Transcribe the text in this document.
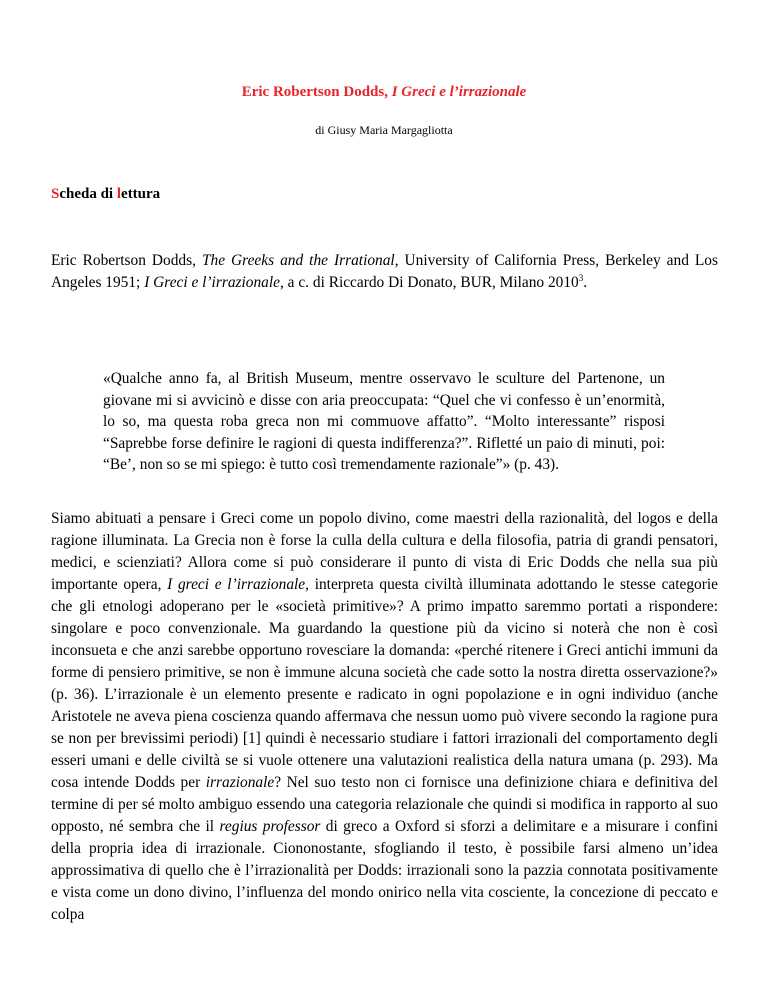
Eric Robertson Dodds, I Greci e l’irrazionale
di Giusy Maria Margagliotta
Scheda di lettura
Eric Robertson Dodds, The Greeks and the Irrational, University of California Press, Berkeley and Los Angeles 1951; I Greci e l’irrazionale, a c. di Riccardo Di Donato, BUR, Milano 2010$^3$.
«Qualche anno fa, al British Museum, mentre osservavo le sculture del Partenone, un giovane mi si avvicinò e disse con aria preoccupata: “Quel che vi confesso è un’enormità, lo so, ma questa roba greca non mi commuove affatto”. “Molto interessante” risposi “Saprebbe forse definire le ragioni di questa indifferenza?”. Rifletté un paio di minuti, poi: “Be’, non so se mi spiego: è tutto così tremendamente razionale”» (p. 43).
Siamo abituati a pensare i Greci come un popolo divino, come maestri della razionalità, del logos e della ragione illuminata. La Grecia non è forse la culla della cultura e della filosofia, patria di grandi pensatori, medici, e scienziati? Allora come si può considerare il punto di vista di Eric Dodds che nella sua più importante opera, I greci e l’irrazionale, interpreta questa civiltà illuminata adottando le stesse categorie che gli etnologi adoperano per le «società primitive»? A primo impatto saremmo portati a rispondere: singolare e poco convenzionale. Ma guardando la questione più da vicino si noterà che non è così inconsueta e che anzi sarebbe opportuno rovesciare la domanda: «perché ritenere i Greci antichi immuni da forme di pensiero primitive, se non è immune alcuna società che cade sotto la nostra diretta osservazione?» (p. 36). L’irrazionale è un elemento presente e radicato in ogni popolazione e in ogni individuo (anche Aristotele ne aveva piena coscienza quando affermava che nessun uomo può vivere secondo la ragione pura se non per brevissimi periodi) [1] quindi è necessario studiare i fattori irrazionali del comportamento degli esseri umani e delle civiltà se si vuole ottenere una valutazioni realistica della natura umana (p. 293). Ma cosa intende Dodds per irrazionale? Nel suo testo non ci fornisce una definizione chiara e definitiva del termine di per sé molto ambiguo essendo una categoria relazionale che quindi si modifica in rapporto al suo opposto, né sembra che il regius professor di greco a Oxford si sforzi a delimitare e a misurare i confini della propria idea di irrazionale. Ciononostante, sfogliando il testo, è possibile farsi almeno un’idea approssimativa di quello che è l’irrazionalità per Dodds: irrazionali sono la pazzia connotata positivamente e vista come un dono divino, l’influenza del mondo onirico nella vita cosciente, la concezione di peccato e colpa
